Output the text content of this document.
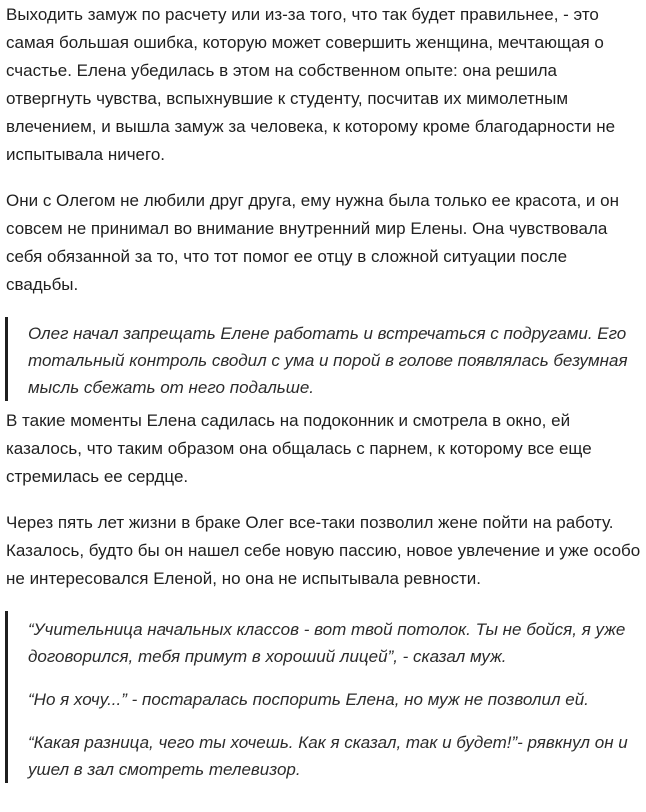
Выходить замуж по расчету или из-за того, что так будет правильнее, - это самая большая ошибка, которую может совершить женщина, мечтающая о счастье. Елена убедилась в этом на собственном опыте: она решила отвергнуть чувства, вспыхнувшие к студенту, посчитав их мимолетным влечением, и вышла замуж за человека, к которому кроме благодарности не испытывала ничего.

Они с Олегом не любили друг друга, ему нужна была только ее красота, и он совсем не принимал во внимание внутренний мир Елены. Она чувствовала себя обязанной за то, что тот помог ее отцу в сложной ситуации после свадьбы.

Олег начал запрещать Елене работать и встречаться с подругами. Его тотальный контроль сводил с ума и порой в голове появлялась безумная мысль сбежать от него подальше.

В такие моменты Елена садилась на подоконник и смотрела в окно, ей казалось, что таким образом она общалась с парнем, к которому все еще стремилась ее сердце.

Через пять лет жизни в браке Олег все-таки позволил жене пойти на работу. Казалось, будто бы он нашел себе новую пассию, новое увлечение и уже особо не интересовался Еленой, но она не испытывала ревности.

“Учительница начальных классов - вот твой потолок. Ты не бойся, я уже договорился, тебя примут в хороший лицей”, - сказал муж.

“Но я хочу...” - постаралась поспорить Елена, но муж не позволил ей.

“Какая разница, чего ты хочешь. Как я сказал, так и будет!”- рявкнул он и ушел в зал смотреть телевизор.
